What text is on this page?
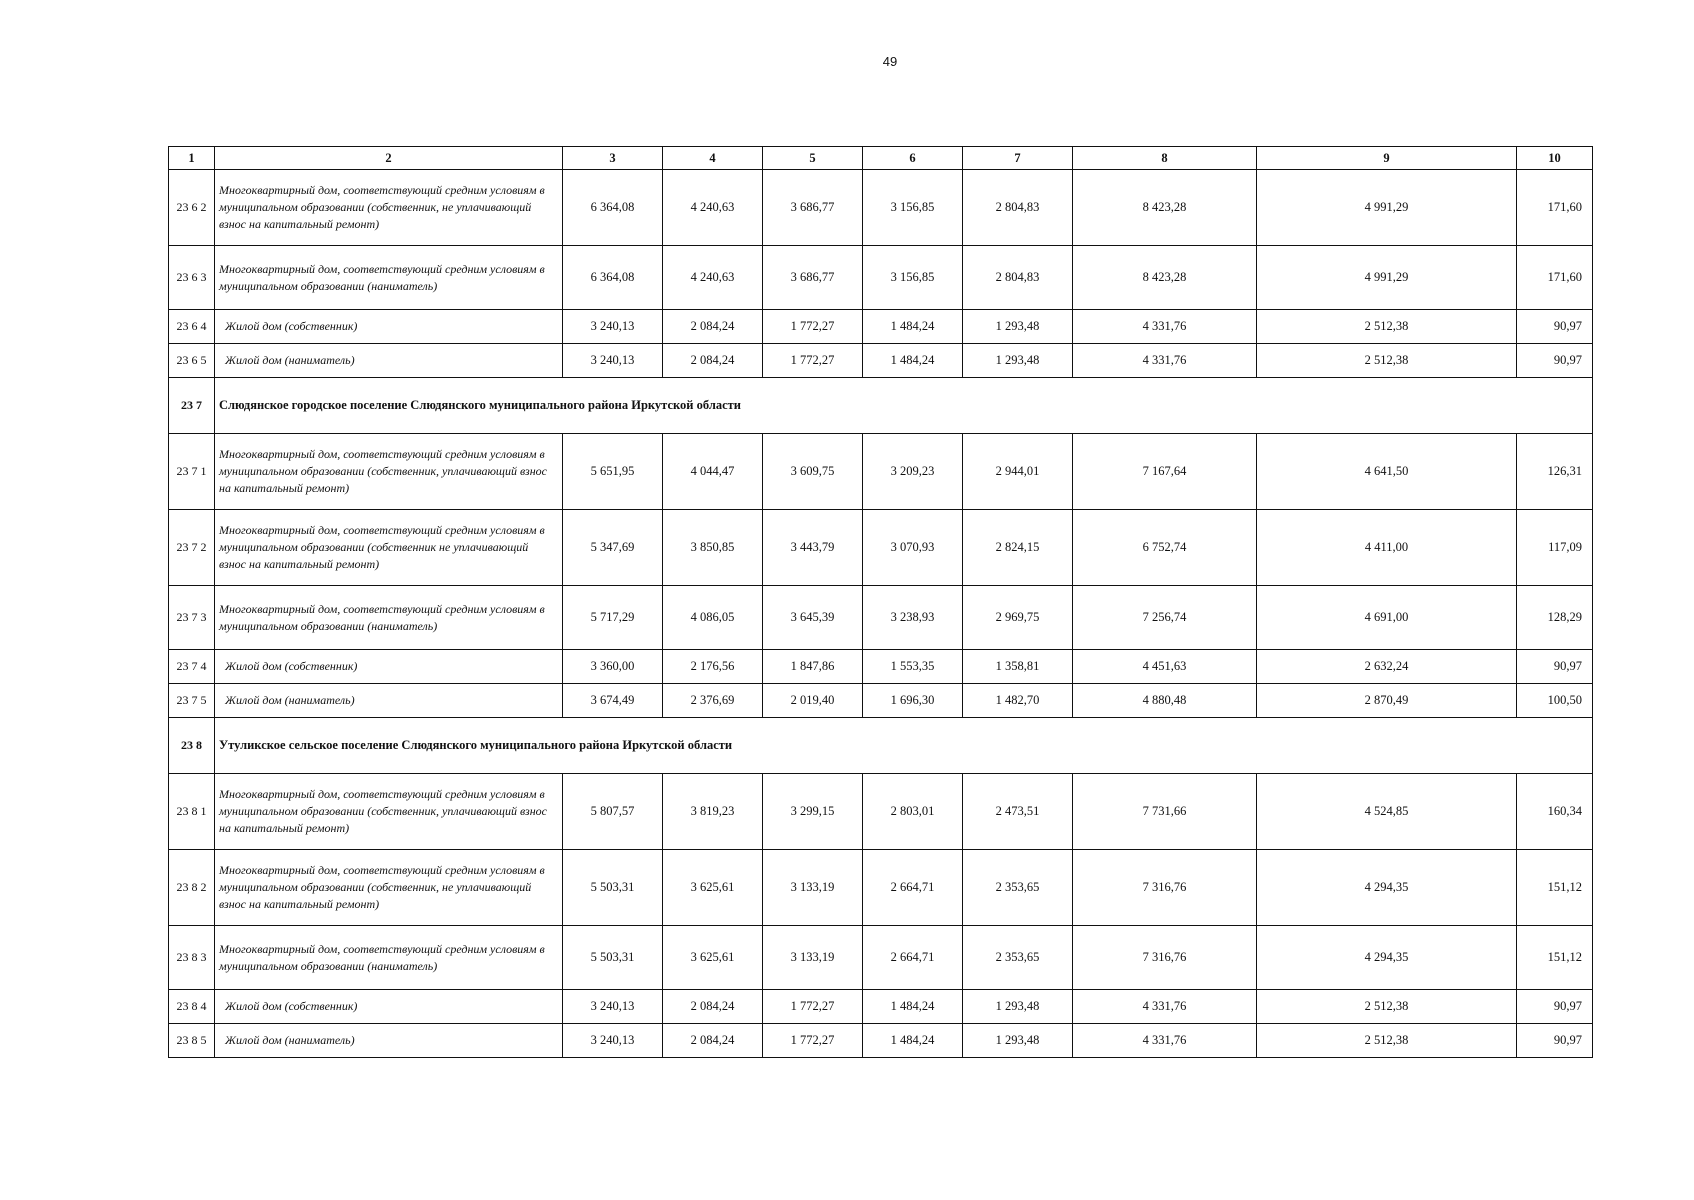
49
1	2	3	4	5	6	7	8	9	10
23 6 2	Многоквартирный дом, соответствующий средним условиям в муниципальном образовании (собственник, не уплачивающий взнос на капитальный ремонт)	6 364,08	4 240,63	3 686,77	3 156,85	2 804,83	8 423,28	4 991,29	171,60
23 6 3	Многоквартирный дом, соответствующий средним условиям в муниципальном образовании (наниматель)	6 364,08	4 240,63	3 686,77	3 156,85	2 804,83	8 423,28	4 991,29	171,60
23 6 4	Жилой дом (собственник)	3 240,13	2 084,24	1 772,27	1 484,24	1 293,48	4 331,76	2 512,38	90,97
23 6 5	Жилой дом (наниматель)	3 240,13	2 084,24	1 772,27	1 484,24	1 293,48	4 331,76	2 512,38	90,97
23 7	Слюдянское городское поселение Слюдянского муниципального района Иркутской области								
23 7 1	Многоквартирный дом, соответствующий средним условиям в муниципальном образовании (собственник, уплачивающий взнос на капитальный ремонт)	5 651,95	4 044,47	3 609,75	3 209,23	2 944,01	7 167,64	4 641,50	126,31
23 7 2	Многоквартирный дом, соответствующий средним условиям в муниципальном образовании (собственник не уплачивающий взнос на капитальный ремонт)	5 347,69	3 850,85	3 443,79	3 070,93	2 824,15	6 752,74	4 411,00	117,09
23 7 3	Многоквартирный дом, соответствующий средним условиям в муниципальном образовании (наниматель)	5 717,29	4 086,05	3 645,39	3 238,93	2 969,75	7 256,74	4 691,00	128,29
23 7 4	Жилой дом (собственник)	3 360,00	2 176,56	1 847,86	1 553,35	1 358,81	4 451,63	2 632,24	90,97
23 7 5	Жилой дом (наниматель)	3 674,49	2 376,69	2 019,40	1 696,30	1 482,70	4 880,48	2 870,49	100,50
23 8	Утуликское сельское поселение Слюдянского муниципального района Иркутской области								
23 8 1	Многоквартирный дом, соответствующий средним условиям в муниципальном образовании (собственник, уплачивающий взнос на капитальный ремонт)	5 807,57	3 819,23	3 299,15	2 803,01	2 473,51	7 731,66	4 524,85	160,34
23 8 2	Многоквартирный дом, соответствующий средним условиям в муниципальном образовании (собственник, не уплачивающий взнос на капитальный ремонт)	5 503,31	3 625,61	3 133,19	2 664,71	2 353,65	7 316,76	4 294,35	151,12
23 8 3	Многоквартирный дом, соответствующий средним условиям в муниципальном образовании (наниматель)	5 503,31	3 625,61	3 133,19	2 664,71	2 353,65	7 316,76	4 294,35	151,12
23 8 4	Жилой дом (собственник)	3 240,13	2 084,24	1 772,27	1 484,24	1 293,48	4 331,76	2 512,38	90,97
23 8 5	Жилой дом (наниматель)	3 240,13	2 084,24	1 772,27	1 484,24	1 293,48	4 331,76	2 512,38	90,97
